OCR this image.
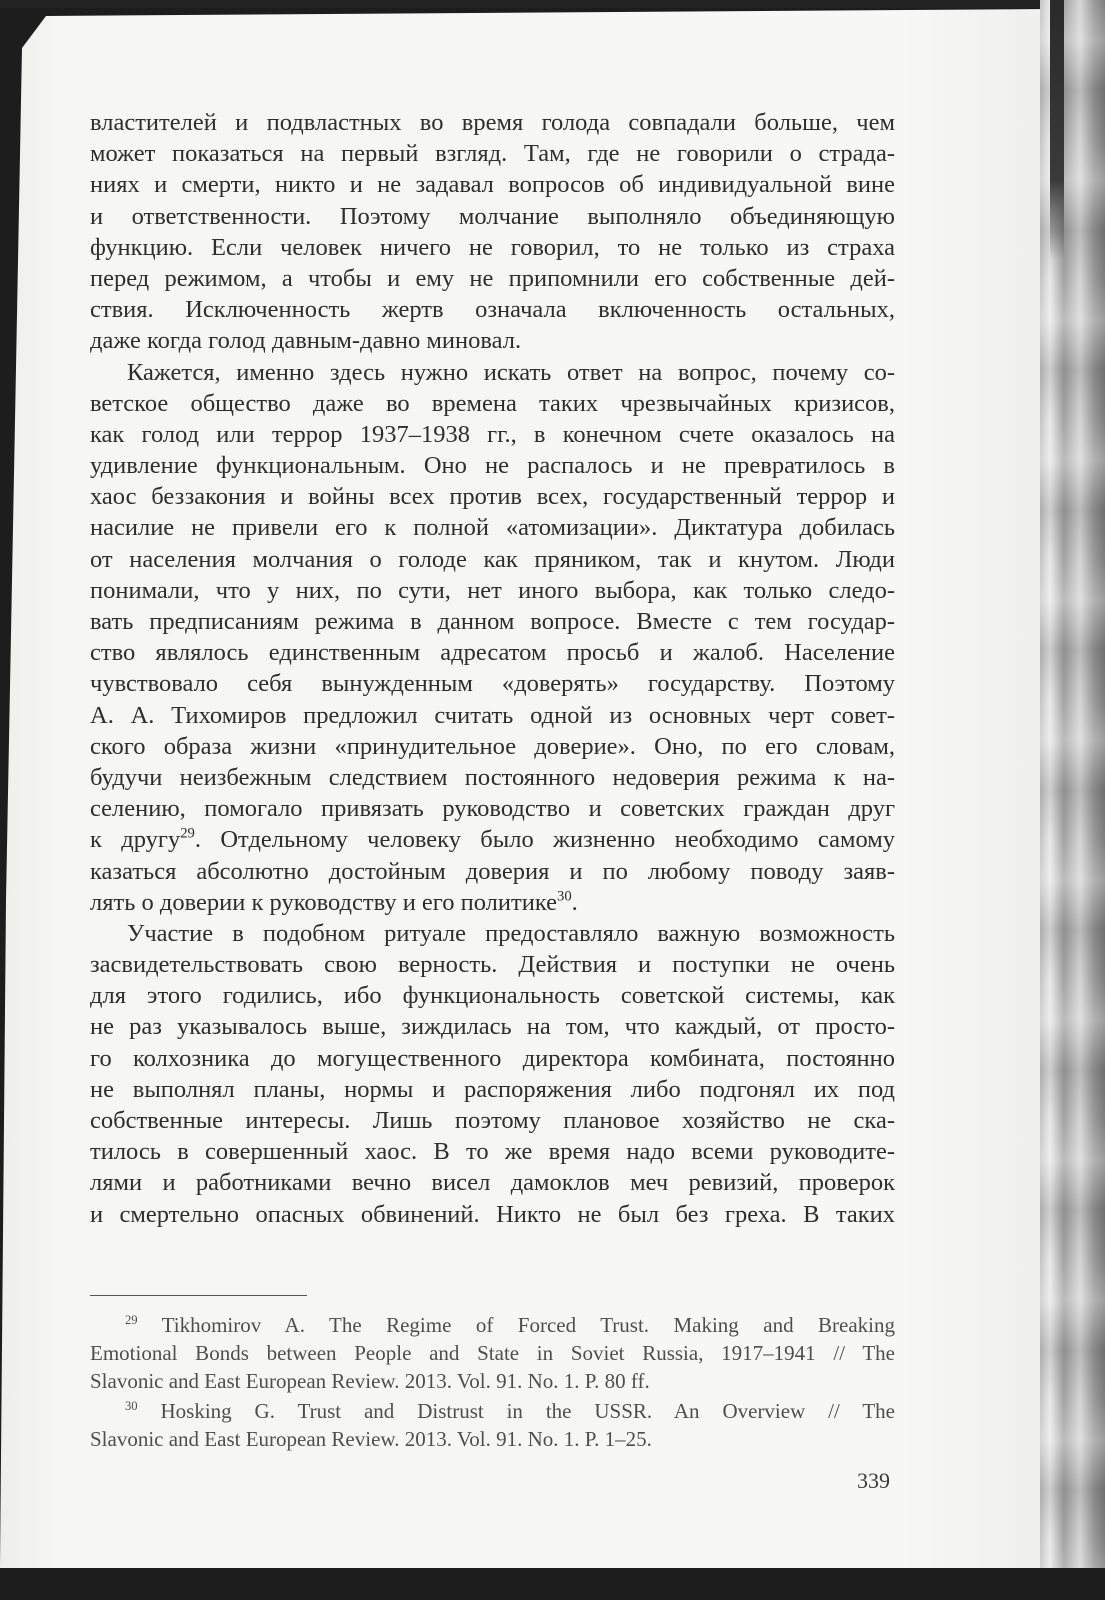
властителей и подвластных во время голода совпадали больше, чем
может показаться на первый взгляд. Там, где не говорили о страда-
ниях и смерти, никто и не задавал вопросов об индивидуальной вине
и ответственности. Поэтому молчание выполняло объединяющую
функцию. Если человек ничего не говорил, то не только из страха
перед режимом, а чтобы и ему не припомнили его собственные дей-
ствия. Исключенность жертв означала включенность остальных,
даже когда голод давным-давно миновал.
Кажется, именно здесь нужно искать ответ на вопрос, почему со-
ветское общество даже во времена таких чрезвычайных кризисов,
как голод или террор 1937–1938 гг., в конечном счете оказалось на
удивление функциональным. Оно не распалось и не превратилось в
хаос беззакония и войны всех против всех, государственный террор и
насилие не привели его к полной «атомизации». Диктатура добилась
от населения молчания о голоде как пряником, так и кнутом. Люди
понимали, что у них, по сути, нет иного выбора, как только следо-
вать предписаниям режима в данном вопросе. Вместе с тем государ-
ство являлось единственным адресатом просьб и жалоб. Население
чувствовало себя вынужденным «доверять» государству. Поэтому
А. А. Тихомиров предложил считать одной из основных черт совет-
ского образа жизни «принудительное доверие». Оно, по его словам,
будучи неизбежным следствием постоянного недоверия режима к на-
селению, помогало привязать руководство и советских граждан друг
к другу$^{29}$. Отдельному человеку было жизненно необходимо самому
казаться абсолютно достойным доверия и по любому поводу заяв-
лять о доверии к руководству и его политике$^{30}$.
Участие в подобном ритуале предоставляло важную возможность
засвидетельствовать свою верность. Действия и поступки не очень
для этого годились, ибо функциональность советской системы, как
не раз указывалось выше, зиждилась на том, что каждый, от просто-
го колхозника до могущественного директора комбината, постоянно
не выполнял планы, нормы и распоряжения либо подгонял их под
собственные интересы. Лишь поэтому плановое хозяйство не ска-
тилось в совершенный хаос. В то же время надо всеми руководите-
лями и работниками вечно висел дамоклов меч ревизий, проверок
и смертельно опасных обвинений. Никто не был без греха. В таких
$^{29}$ Tikhomirov A. The Regime of Forced Trust. Making and Breaking
Emotional Bonds between People and State in Soviet Russia, 1917–1941 // The
Slavonic and East European Review. 2013. Vol. 91. No. 1. P. 80 ff.
$^{30}$ Hosking G. Trust and Distrust in the USSR. An Overview // The
Slavonic and East European Review. 2013. Vol. 91. No. 1. P. 1–25.
339
